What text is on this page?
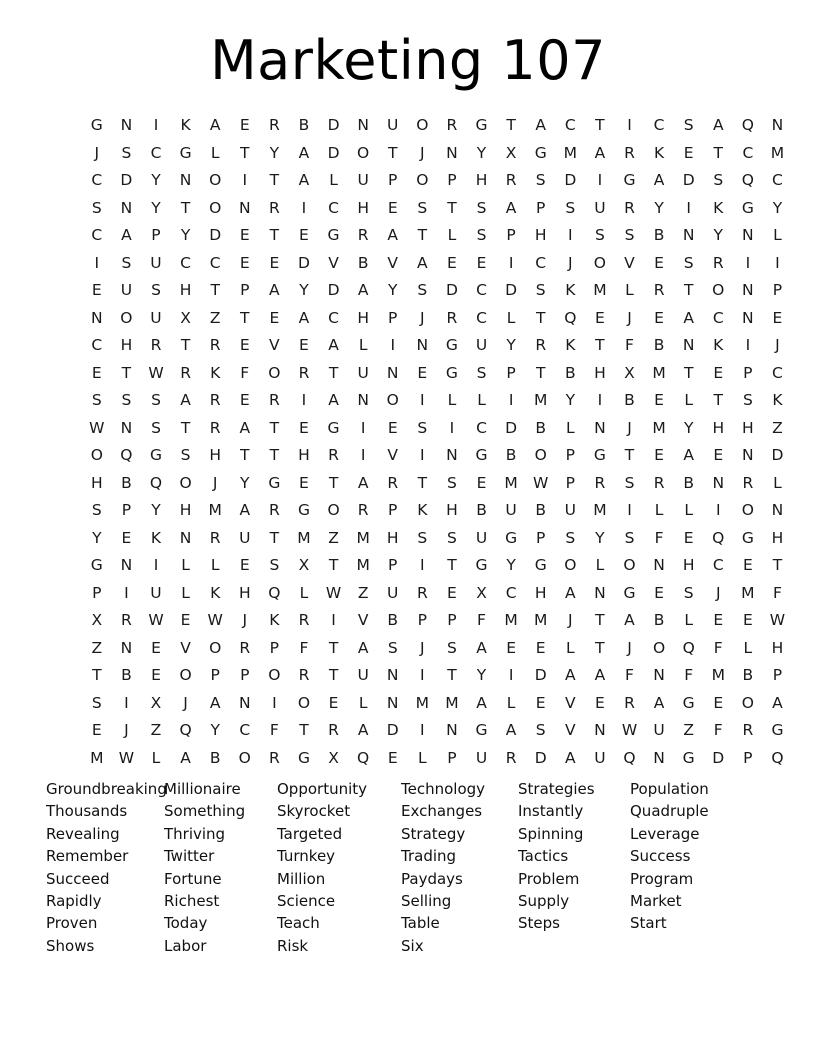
Marketing 107
G	N	I	K	A	E	R	B	D	N	U	O	R	G	T	A	C	T	I	C	S	A	Q	N
J	S	C	G	L	T	Y	A	D	O	T	J	N	Y	X	G	M	A	R	K	E	T	C	M
C	D	Y	N	O	I	T	A	L	U	P	O	P	H	R	S	D	I	G	A	D	S	Q	C
S	N	Y	T	O	N	R	I	C	H	E	S	T	S	A	P	S	U	R	Y	I	K	G	Y
C	A	P	Y	D	E	T	E	G	R	A	T	L	S	P	H	I	S	S	B	N	Y	N	L
I	S	U	C	C	E	E	D	V	B	V	A	E	E	I	C	J	O	V	E	S	R	I	I
E	U	S	H	T	P	A	Y	D	A	Y	S	D	C	D	S	K	M	L	R	T	O	N	P
N	O	U	X	Z	T	E	A	C	H	P	J	R	C	L	T	Q	E	J	E	A	C	N	E
C	H	R	T	R	E	V	E	A	L	I	N	G	U	Y	R	K	T	F	B	N	K	I	J
E	T	W	R	K	F	O	R	T	U	N	E	G	S	P	T	B	H	X	M	T	E	P	C
S	S	S	A	R	E	R	I	A	N	O	I	L	L	I	M	Y	I	B	E	L	T	S	K
W	N	S	T	R	A	T	E	G	I	E	S	I	C	D	B	L	N	J	M	Y	H	H	Z
O	Q	G	S	H	T	T	H	R	I	V	I	N	G	B	O	P	G	T	E	A	E	N	D
H	B	Q	O	J	Y	G	E	T	A	R	T	S	E	M	W	P	R	S	R	B	N	R	L
S	P	Y	H	M	A	R	G	O	R	P	K	H	B	U	B	U	M	I	L	L	I	O	N
Y	E	K	N	R	U	T	M	Z	M	H	S	S	U	G	P	S	Y	S	F	E	Q	G	H
G	N	I	L	L	E	S	X	T	M	P	I	T	G	Y	G	O	L	O	N	H	C	E	T
P	I	U	L	K	H	Q	L	W	Z	U	R	E	X	C	H	A	N	G	E	S	J	M	F
X	R	W	E	W	J	K	R	I	V	B	P	P	F	M	M	J	T	A	B	L	E	E	W
Z	N	E	V	O	R	P	F	T	A	S	J	S	A	E	E	L	T	J	O	Q	F	L	H
T	B	E	O	P	P	O	R	T	U	N	I	T	Y	I	D	A	A	F	N	F	M	B	P
S	I	X	J	A	N	I	O	E	L	N	M	M	A	L	E	V	E	R	A	G	E	O	A
E	J	Z	Q	Y	C	F	T	R	A	D	I	N	G	A	S	V	N	W	U	Z	F	R	G
M	W	L	A	B	O	R	G	X	Q	E	L	P	U	R	D	A	U	Q	N	G	D	P	Q
Groundbreaking
Thousands
Revealing
Remember
Succeed
Rapidly
Proven
Shows
Millionaire
Something
Thriving
Twitter
Fortune
Richest
Today
Labor
Opportunity
Skyrocket
Targeted
Turnkey
Million
Science
Teach
Risk
Technology
Exchanges
Strategy
Trading
Paydays
Selling
Table
Six
Strategies
Instantly
Spinning
Tactics
Problem
Supply
Steps
Population
Quadruple
Leverage
Success
Program
Market
Start
